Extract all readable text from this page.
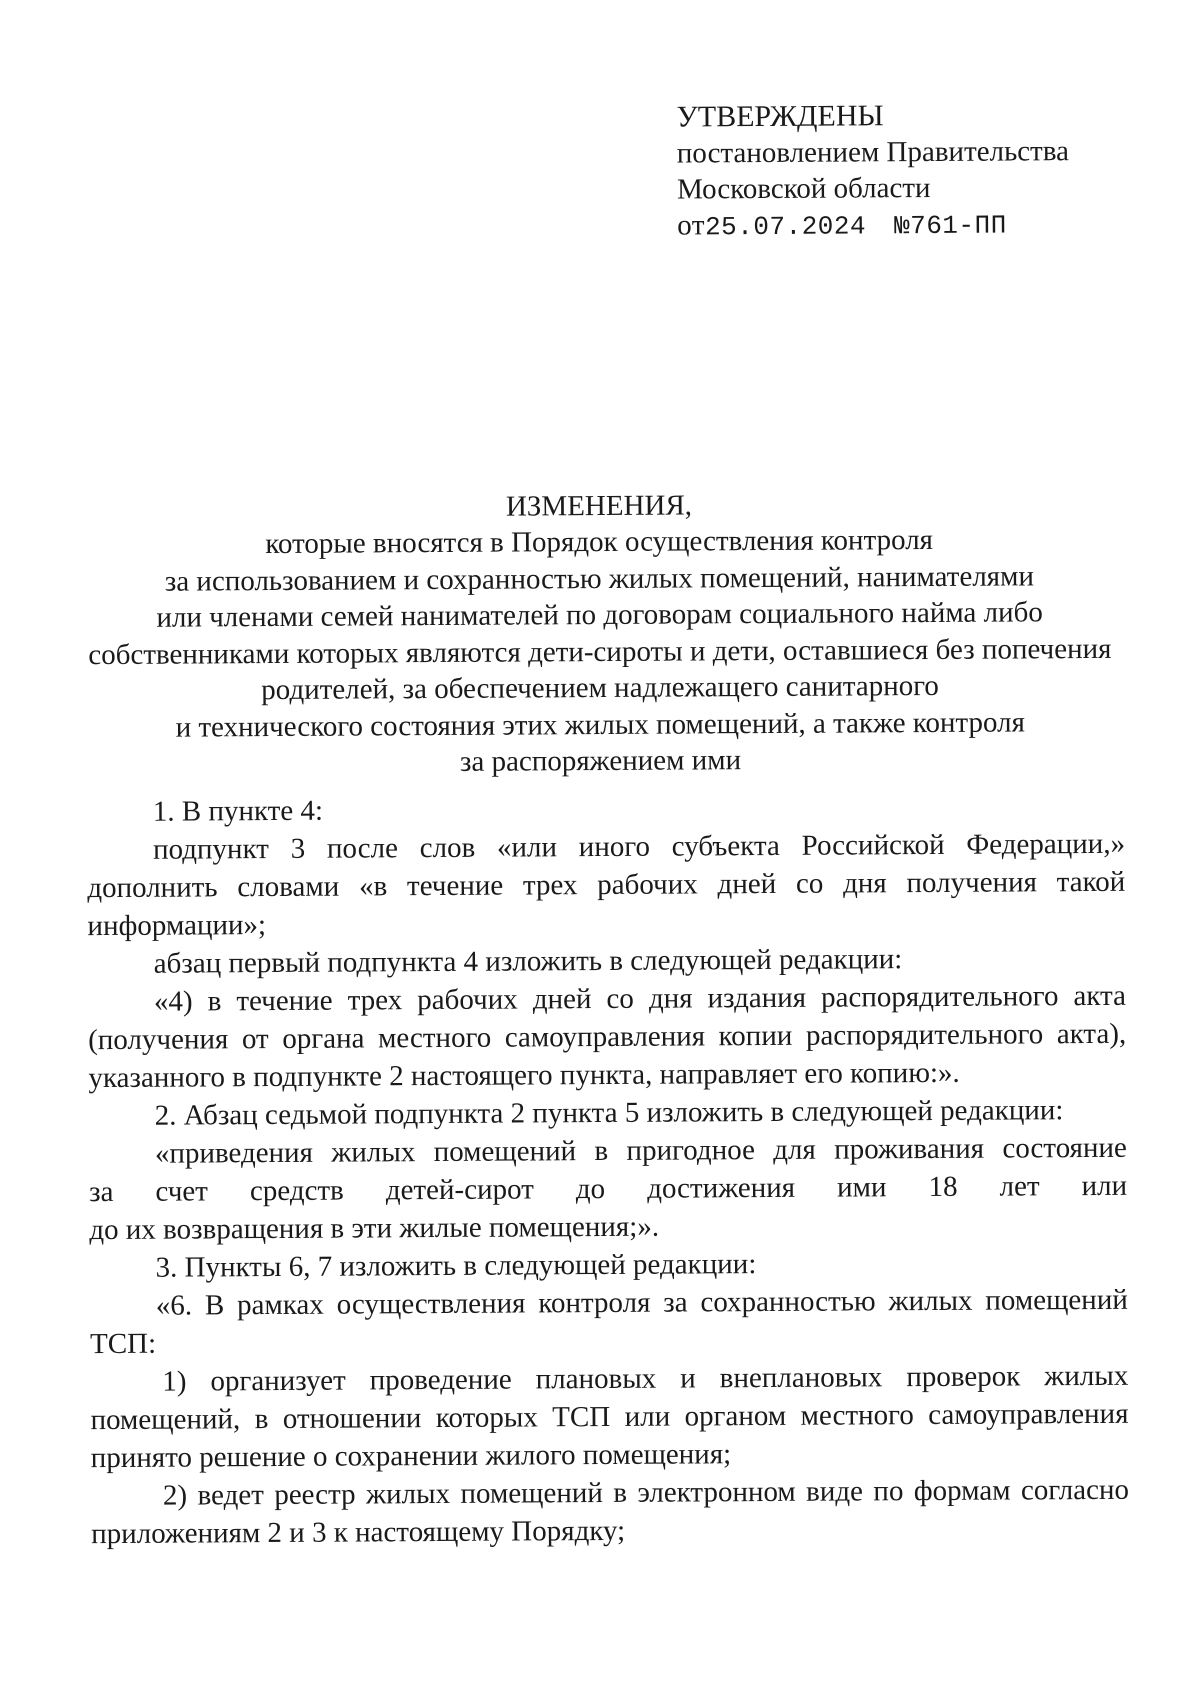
УТВЕРЖДЕНЫ
постановлением Правительства
Московской области
от25.07.2024 №761-ПП
ИЗМЕНЕНИЯ,
которые вносятся в Порядок осуществления контроля
за использованием и сохранностью жилых помещений, нанимателями
или членами семей нанимателей по договорам социального найма либо
собственниками которых являются дети-сироты и дети, оставшиеся без попечения
родителей, за обеспечением надлежащего санитарного
и технического состояния этих жилых помещений, а также контроля
за распоряжением ими

1. В пункте 4:

подпункт 3 после слов «или иного субъекта Российской Федерации,» дополнить словами «в течение трех рабочих дней со дня получения такой информации»;

абзац первый подпункта 4 изложить в следующей редакции:

«4) в течение трех рабочих дней со дня издания распорядительного акта (получения от органа местного самоуправления копии распорядительного акта), указанного в подпункте 2 настоящего пункта, направляет его копию:».

2. Абзац седьмой подпункта 2 пункта 5 изложить в следующей редакции:

«приведения жилых помещений в пригодное для проживания состояние

за счет средств детей-сирот до достижения ими 18 лет или

до их возвращения в эти жилые помещения;».

3. Пункты 6, 7 изложить в следующей редакции:

«6. В рамках осуществления контроля за сохранностью жилых помещений ТСП:

1) организует проведение плановых и внеплановых проверок жилых помещений, в отношении которых ТСП или органом местного самоуправления принято решение о сохранении жилого помещения;

2) ведет реестр жилых помещений в электронном виде по формам согласно приложениям 2 и 3 к настоящему Порядку;
